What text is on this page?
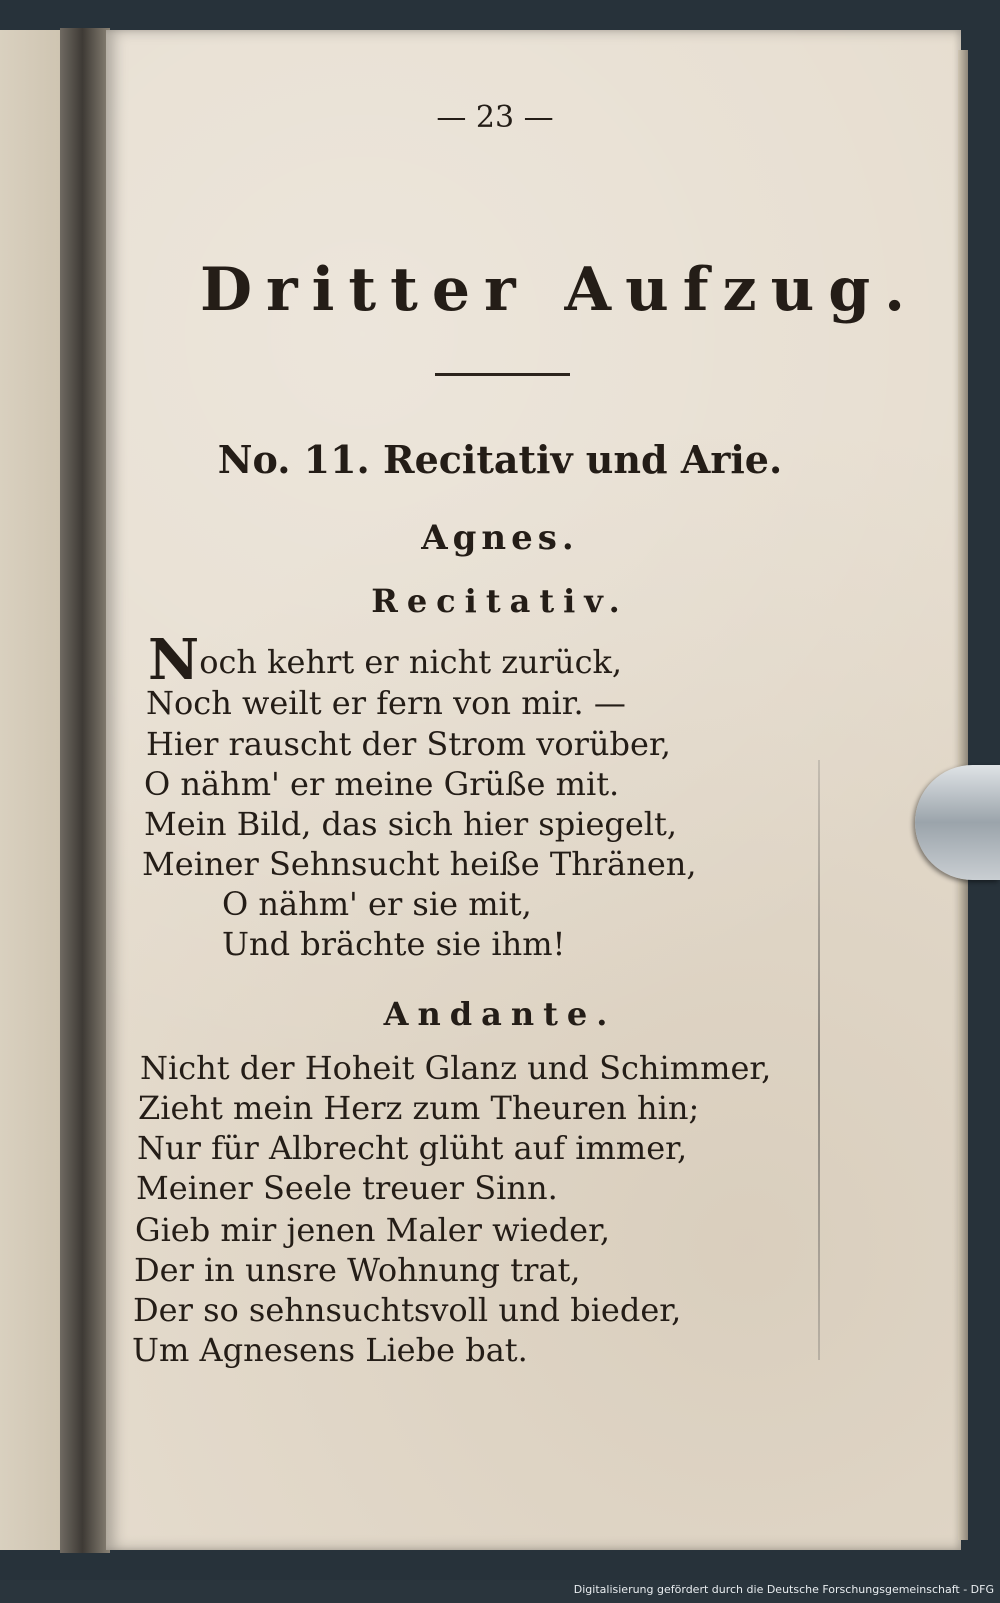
— 23 —
Dritter Aufzug.
No. 11. Recitativ und Arie.
Agnes.
Recitativ.
Noch kehrt er nicht zurück,
Noch weilt er fern von mir. —
Hier rauscht der Strom vorüber,
O nähm' er meine Grüße mit.
Mein Bild, das sich hier spiegelt,
Meiner Sehnsucht heiße Thränen,
O nähm' er sie mit,
Und brächte sie ihm!
Andante.
Nicht der Hoheit Glanz und Schimmer,
Zieht mein Herz zum Theuren hin;
Nur für Albrecht glüht auf immer,
Meiner Seele treuer Sinn.
Gieb mir jenen Maler wieder,
Der in unsre Wohnung trat,
Der so sehnsuchtsvoll und bieder,
Um Agnesens Liebe bat.
Digitalisierung gefördert durch die Deutsche Forschungsgemeinschaft - DFG
